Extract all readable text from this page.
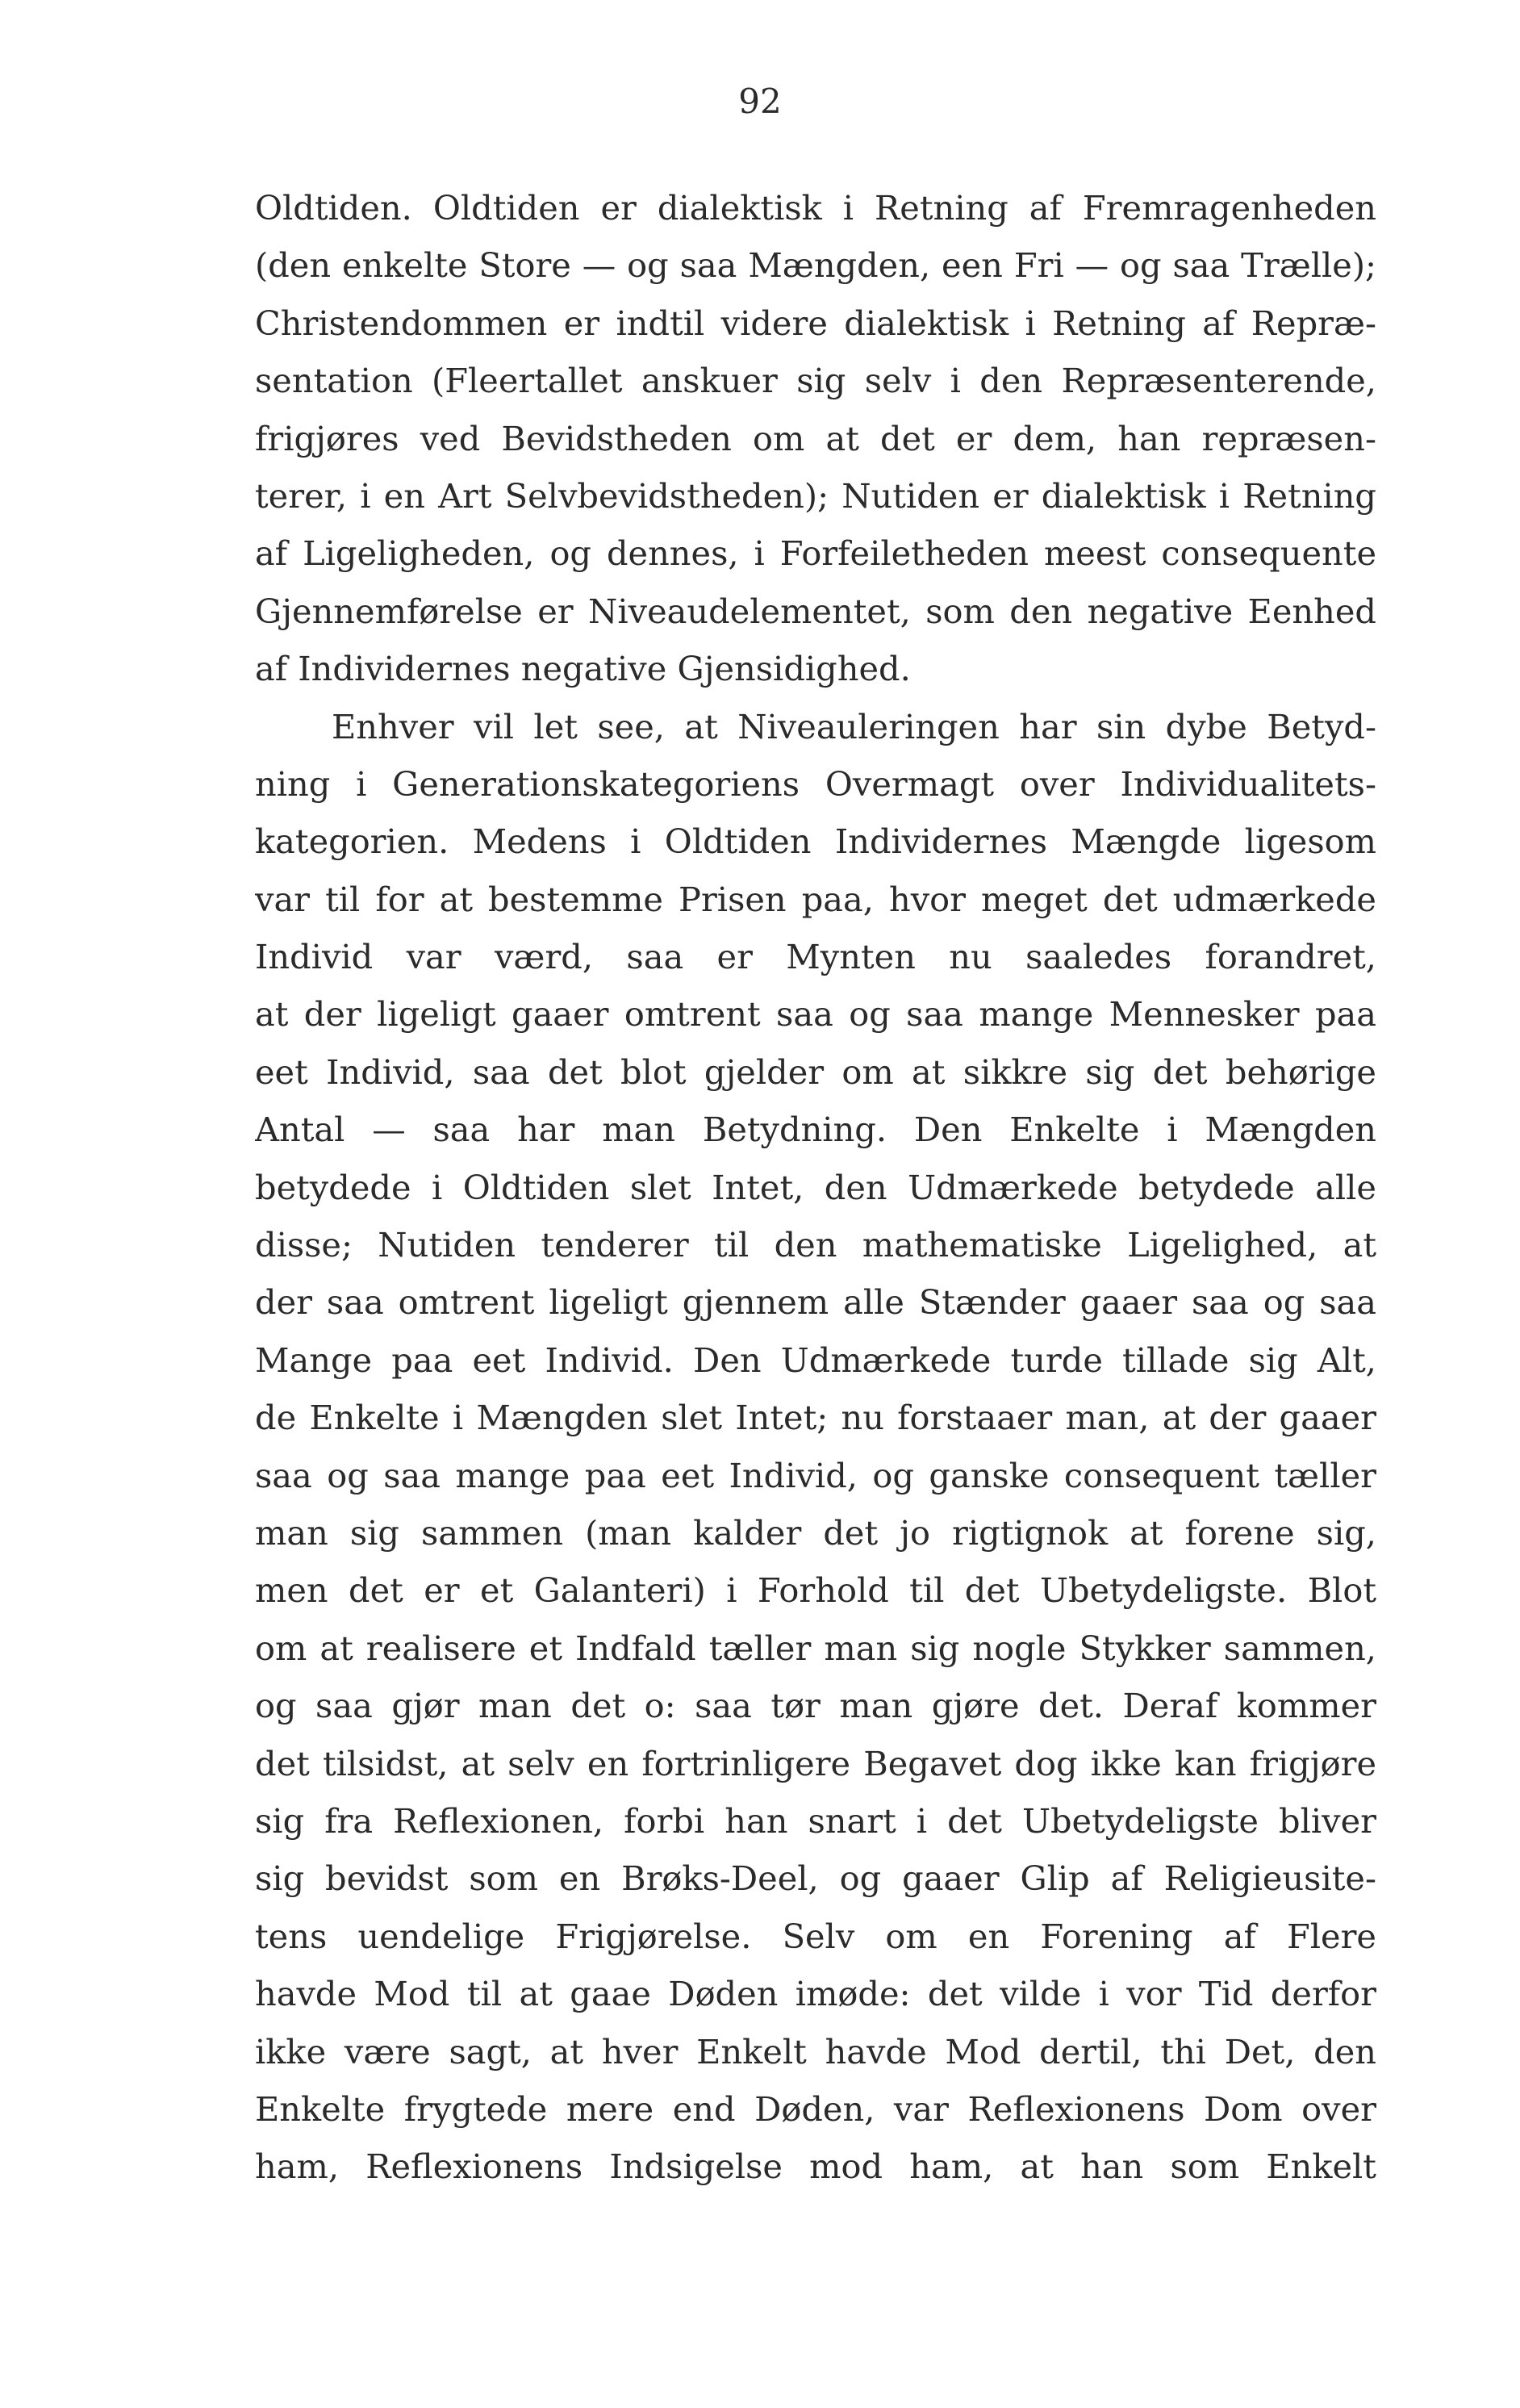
92
Oldtiden. Oldtiden er dialektisk i Retning af Fremragenheden
(den enkelte Store — og saa Mængden, een Fri — og saa Trælle);
Christendommen er indtil videre dialektisk i Retning af Repræ-
sentation (Fleertallet anskuer sig selv i den Repræsenterende,
frigjøres ved Bevidstheden om at det er dem, han repræsen-
terer, i en Art Selvbevidstheden); Nutiden er dialektisk i Retning
af Ligeligheden, og dennes, i Forfeiletheden meest consequente
Gjennemførelse er Niveaudelementet, som den negative Eenhed
af Individernes negative Gjensidighed.
Enhver vil let see, at Niveauleringen har sin dybe Betyd-
ning i Generationskategoriens Overmagt over Individualitets-
kategorien. Medens i Oldtiden Individernes Mængde ligesom
var til for at bestemme Prisen paa, hvor meget det udmærkede
Individ var værd, saa er Mynten nu saaledes forandret,
at der ligeligt gaaer omtrent saa og saa mange Mennesker paa
eet Individ, saa det blot gjelder om at sikkre sig det behørige
Antal — saa har man Betydning. Den Enkelte i Mængden
betydede i Oldtiden slet Intet, den Udmærkede betydede alle
disse; Nutiden tenderer til den mathematiske Ligelighed, at
der saa omtrent ligeligt gjennem alle Stænder gaaer saa og saa
Mange paa eet Individ. Den Udmærkede turde tillade sig Alt,
de Enkelte i Mængden slet Intet; nu forstaaer man, at der gaaer
saa og saa mange paa eet Individ, og ganske consequent tæller
man sig sammen (man kalder det jo rigtignok at forene sig,
men det er et Galanteri) i Forhold til det Ubetydeligste. Blot
om at realisere et Indfald tæller man sig nogle Stykker sammen,
og saa gjør man det o: saa tør man gjøre det. Deraf kommer
det tilsidst, at selv en fortrinligere Begavet dog ikke kan frigjøre
sig fra Reflexionen, forbi han snart i det Ubetydeligste bliver
sig bevidst som en Brøks-Deel, og gaaer Glip af Religieusite-
tens uendelige Frigjørelse. Selv om en Forening af Flere
havde Mod til at gaae Døden imøde: det vilde i vor Tid derfor
ikke være sagt, at hver Enkelt havde Mod dertil, thi Det, den
Enkelte frygtede mere end Døden, var Reflexionens Dom over
ham, Reflexionens Indsigelse mod ham, at han som Enkelt
